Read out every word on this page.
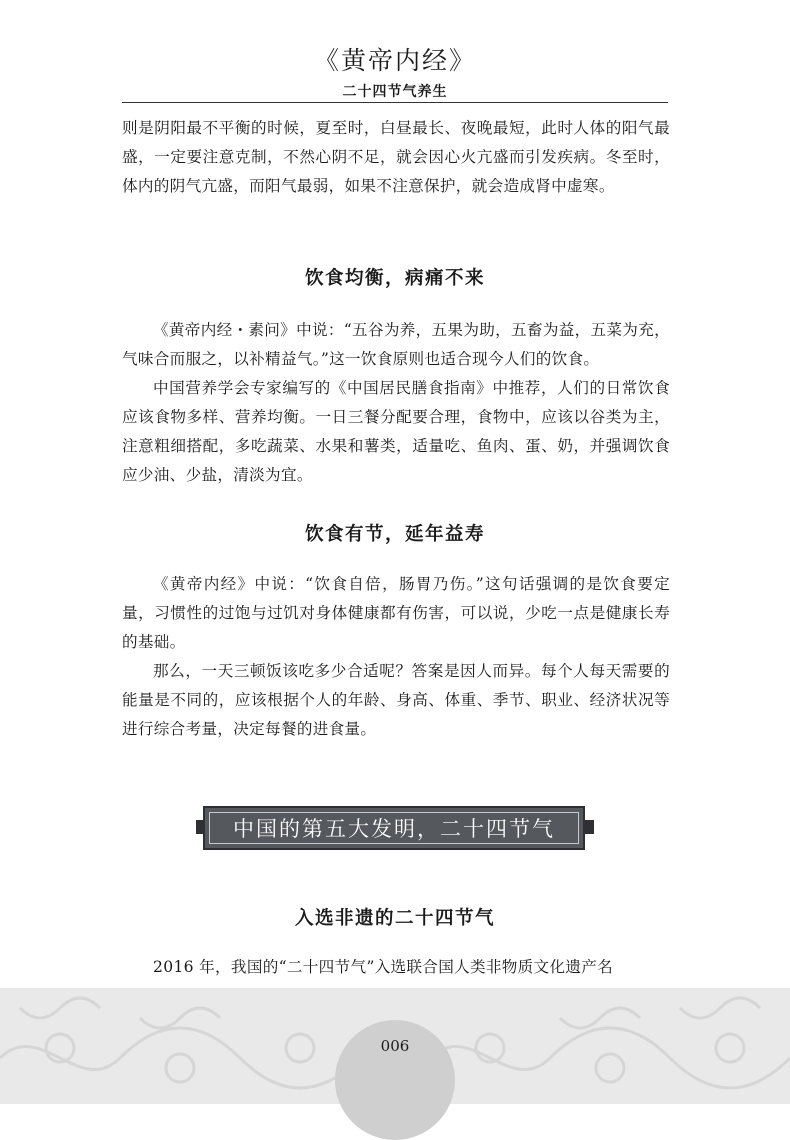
《黄帝内经》
二十四节气养生

则是阴阳最不平衡的时候，夏至时，白昼最长、夜晚最短，此时人体的阳气最盛，一定要注意克制，不然心阴不足，就会因心火亢盛而引发疾病。冬至时，体内的阴气亢盛，而阳气最弱，如果不注意保护，就会造成肾中虚寒。

饮食均衡，病痛不来

《黄帝内经・素问》中说：“五谷为养，五果为助，五畜为益，五菜为充，气味合而服之，以补精益气。”这一饮食原则也适合现今人们的饮食。

中国营养学会专家编写的《中国居民膳食指南》中推荐，人们的日常饮食应该食物多样、营养均衡。一日三餐分配要合理，食物中，应该以谷类为主，注意粗细搭配，多吃蔬菜、水果和薯类，适量吃、鱼肉、蛋、奶，并强调饮食应少油、少盐，清淡为宜。

饮食有节，延年益寿

《黄帝内经》中说：“饮食自倍，肠胃乃伤。”这句话强调的是饮食要定量，习惯性的过饱与过饥对身体健康都有伤害，可以说，少吃一点是健康长寿的基础。

那么，一天三顿饭该吃多少合适呢？答案是因人而异。每个人每天需要的能量是不同的，应该根据个人的年龄、身高、体重、季节、职业、经济状况等进行综合考量，决定每餐的进食量。

中国的第五大发明，二十四节气
入选非遗的二十四节气

2016 年，我国的“二十四节气”入选联合国人类非物质文化遗产名

006
